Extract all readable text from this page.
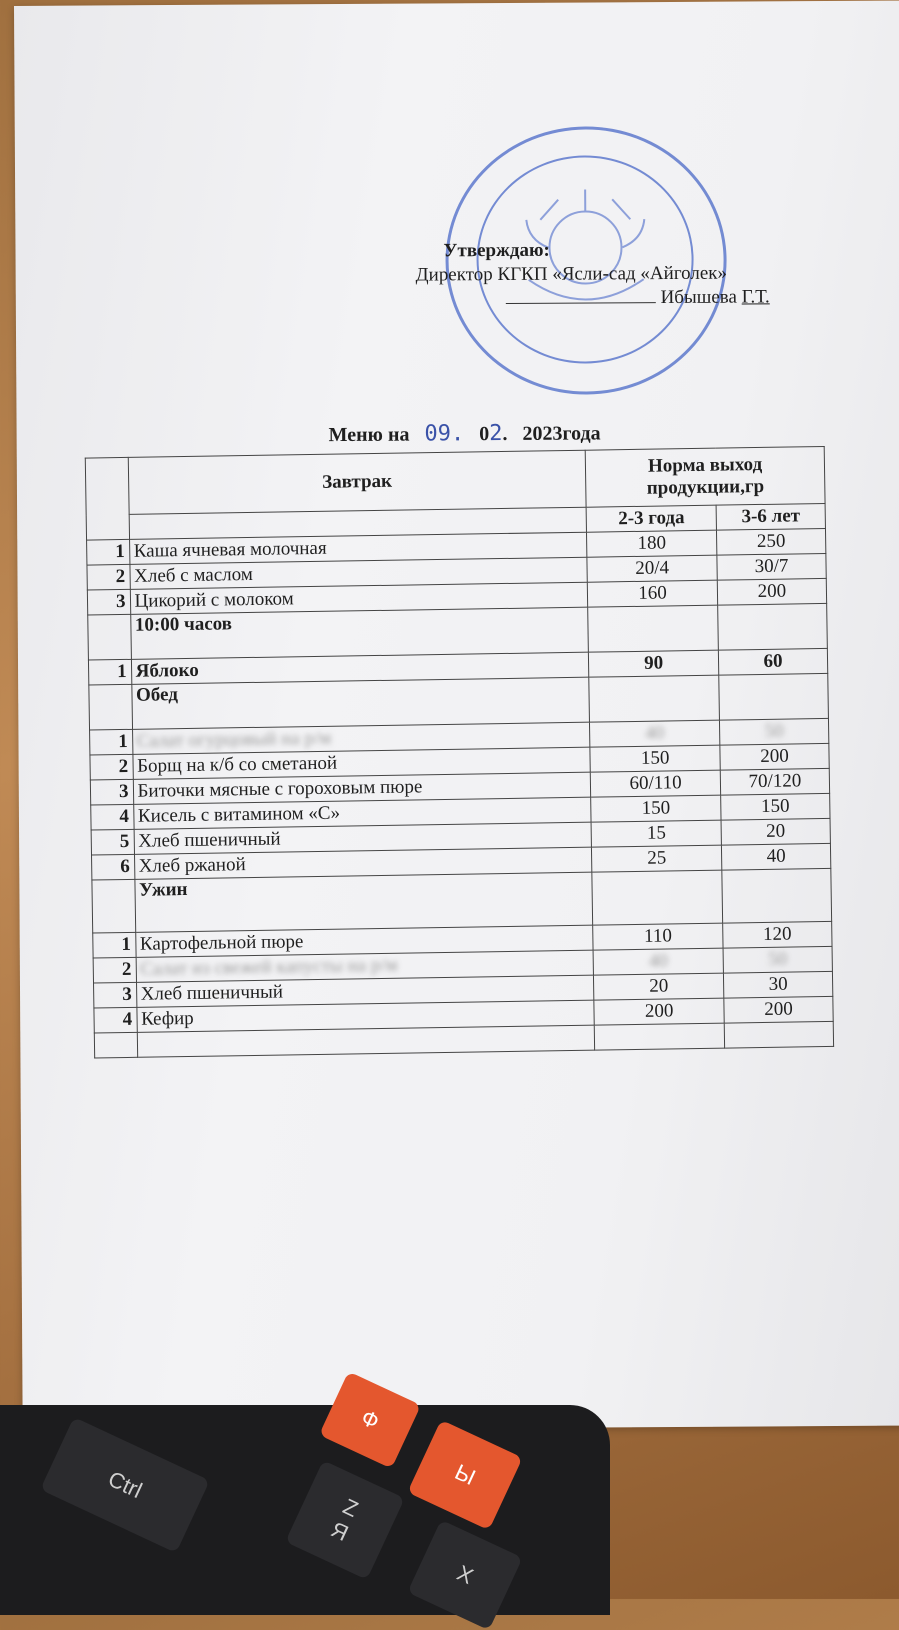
Утверждаю:
Директор КГКП «Ясли-сад «Айголек»
Ибышева Г.Т.
Меню на 09. 02. 2023года
	Завтрак	Норма выход продукции,гр	
		2-3 года	3-6 лет
1	Каша ячневая молочная	180	250
2	Хлеб с маслом	20/4	30/7
3	Цикорий с молоком	160	200
	10:00 часов		
1	Яблоко	90	60
	Обед		
1	Салат огурцовый на р/м	40	50
2	Борщ на к/б со сметаной	150	200
3	Биточки мясные с гороховым пюре	60/110	70/120
4	Кисель с витамином «С»	150	150
5	Хлеб пшеничный	15	20
6	Хлеб ржаной	25	40
	Ужин		
1	Картофельной пюре	110	120
2	Салат из свежей капусты на р/м	40	50
3	Хлеб пшеничный	20	30
4	Кефир	200	200

Ctrl
Z
Я
X
Ф
Ы
